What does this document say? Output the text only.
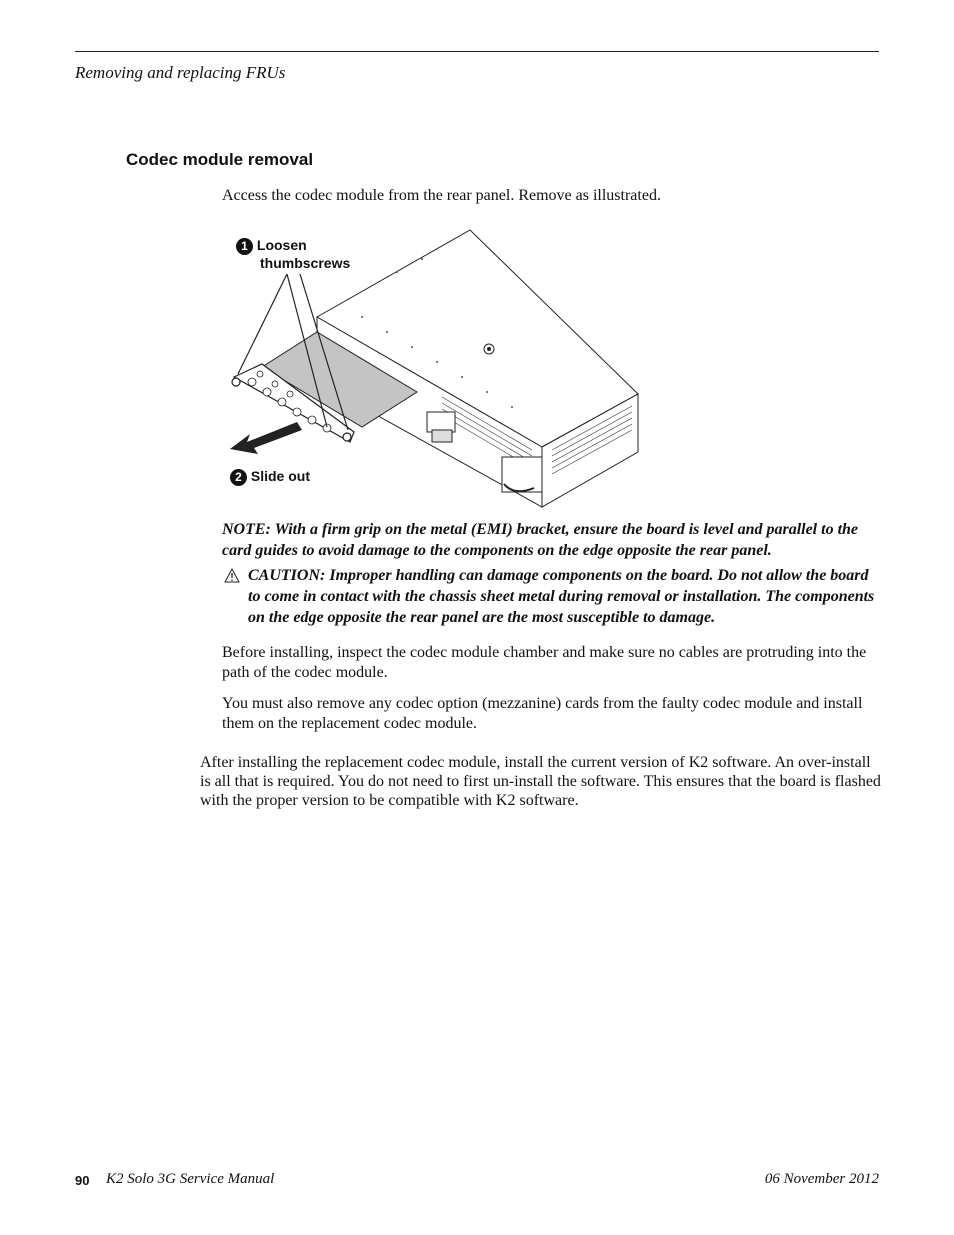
Removing and replacing FRUs
Codec module removal
Access the codec module from the rear panel. Remove as illustrated.
1 Loosen
thumbscrews
2 Slide out
NOTE: With a firm grip on the metal (EMI) bracket, ensure the board is level and parallel to the card guides to avoid damage to the components on the edge opposite the rear panel.
CAUTION: Improper handling can damage components on the board. Do not allow the board to come in contact with the chassis sheet metal during removal or installation. The components on the edge opposite the rear panel are the most susceptible to damage.
Before installing, inspect the codec module chamber and make sure no cables are protruding into the path of the codec module.
You must also remove any codec option (mezzanine) cards from the faulty codec module and install them on the replacement codec module.
After installing the replacement codec module, install the current version of K2 software. An over-install is all that is required. You do not need to first un-install the software. This ensures that the board is flashed with the proper version to be compatible with K2 software.
90 K2 Solo 3G Service Manual	06 November 2012
